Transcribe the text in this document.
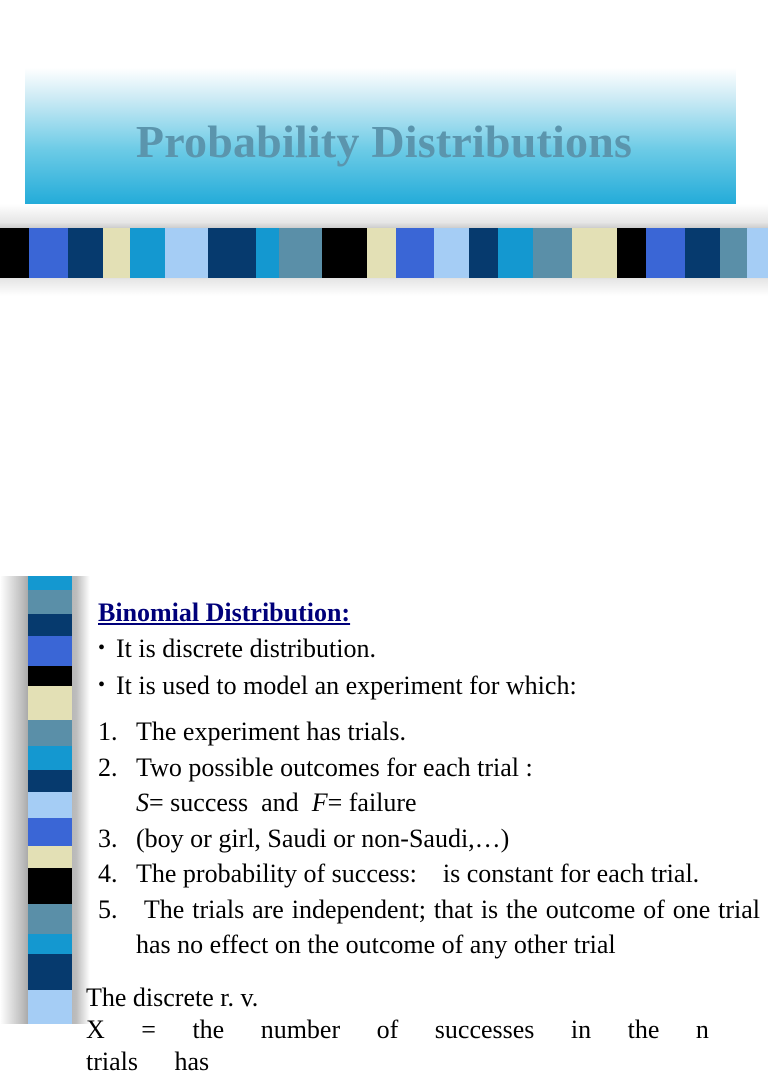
Probability Distributions
Binomial Distribution:
• It is discrete distribution.
• It is used to model an experiment for which:
1. The experiment has trials.
2. Two possible outcomes for each trial :
S= success  and  F= failure
3. (boy or girl, Saudi or non-Saudi,…)
4. The probability of success:    is constant for each trial.
5. The trials are independent; that is the outcome of one trial has no effect on the outcome of any other trial
The discrete r. v.
X = the number of successes in the n trials has
